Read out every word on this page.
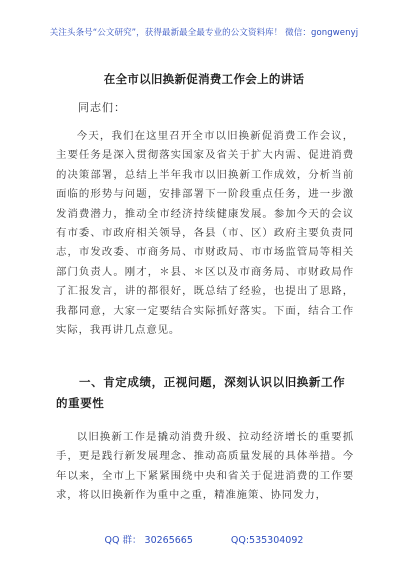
关注头条号“公文研究”，获得最新最全最专业的公文资料库！ 微信：gongwenyj
在全市以旧换新促消费工作会上的讲话
同志们：

今天，我们在这里召开全市以旧换新促消费工作会议，主要任务是深入贯彻落实国家及省关于扩大内需、促进消费的决策部署，总结上半年我市以旧换新工作成效，分析当前面临的形势与问题，安排部署下一阶段重点任务，进一步激发消费潜力，推动全市经济持续健康发展。参加今天的会议有市委、市政府相关领导，各县（市、区）政府主要负责同志，市发改委、市商务局、市财政局、市市场监管局等相关部门负责人。刚才，＊县、＊区以及市商务局、市财政局作了汇报发言，讲的都很好，既总结了经验，也提出了思路，我都同意，大家一定要结合实际抓好落实。下面，结合工作实际，我再讲几点意见。

一、肯定成绩，正视问题，深刻认识以旧换新工作的重要性

以旧换新工作是撬动消费升级、拉动经济增长的重要抓手，更是践行新发展理念、推动高质量发展的具体举措。今年以来，全市上下紧紧围绕中央和省关于促进消费的工作要求，将以旧换新作为重中之重，精准施策、协同发力，

QQ 群： 30265665	QQ:535304092
